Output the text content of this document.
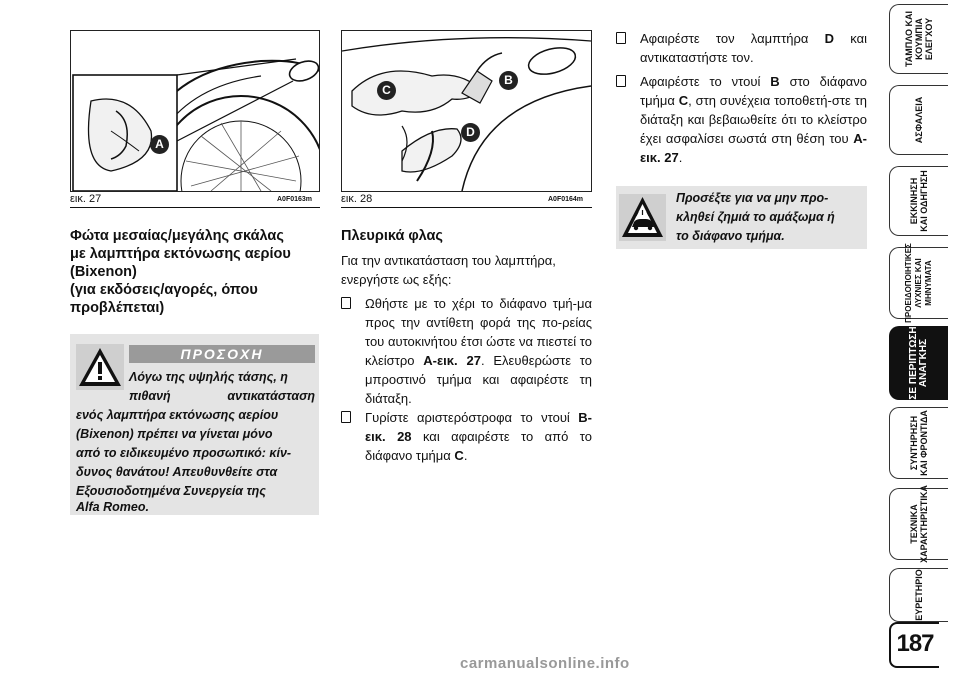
A
εικ. 27	A0F0163m
B
C
D
εικ. 28	A0F0164m
Φώτα μεσαίας/μεγάλης σκάλας
με λαμπτήρα εκτόνωσης αερίου
(Bixenon)
(για εκδόσεις/αγορές, όπου
προβλέπεται)
ΠΡΟΣΟΧΗ
Λόγω της υψηλής τάσης, η
πιθανή αντικατάσταση
ενός λαμπτήρα εκτόνωσης αερίου
(Bixenon) πρέπει να γίνεται μόνο
από το ειδικευμένο προσωπικό: κίν-
δυνος θανάτου! Απευθυνθείτε στα
Εξουσιοδοτημένα Συνεργεία της
Alfa Romeo.
Πλευρικά φλας
Για την αντικατάσταση του λαμπτήρα, ενεργήστε ως εξής:
Ωθήστε με το χέρι το διάφανο τμή-μα προς την αντίθετη φορά της πο-ρείας του αυτοκινήτου έτσι ώστε να πιεστεί το κλείστρο A-εικ. 27. Ελευθερώστε το μπροστινό τμήμα και αφαιρέστε τη διάταξη.
Γυρίστε αριστερόστροφα το ντουί B-εικ. 28 και αφαιρέστε το από το διάφανο τμήμα C.
Αφαιρέστε τον λαμπτήρα D και αντικαταστήστε τον.
Αφαιρέστε το ντουί B στο διάφανο τμήμα C, στη συνέχεια τοποθετή-στε τη διάταξη και βεβαιωθείτε ότι το κλείστρο έχει ασφαλίσει σωστά στη θέση του A-εικ. 27.
Προσέξτε για να μην προ-
κληθεί ζημιά το αμάξωμα ή
το διάφανο τμήμα.
ΤΑΜΠΛΟ ΚΑΙ
ΚΟΥΜΠΙΑ
ΕΛΕΓΧΟΥ
ΑΣΦΑΛΕΙΑ
ΕΚΚΙΝΗΣΗ
ΚΑΙ ΟΔΗΓΗΣΗ
ΠΡΟΕΙΔΟΠΟΙΗΤΙΚΕΣ
ΛΥΧΝΙΕΣ ΚΑΙ
ΜΗΝΥΜΑΤΑ
ΣΕ ΠΕΡΙΠΤΩΣΗ
ΑΝΑΓΚΗΣ
ΣΥΝΤΗΡΗΣΗ
ΚΑΙ ΦΡΟΝΤΙΔΑ
ΤΕΧΝΙΚΑ
ΧΑΡΑΚΤΗΡΙΣΤΙΚΑ
ΕΥΡΕΤΗΡΙΟ
187
carmanualsonline.info
